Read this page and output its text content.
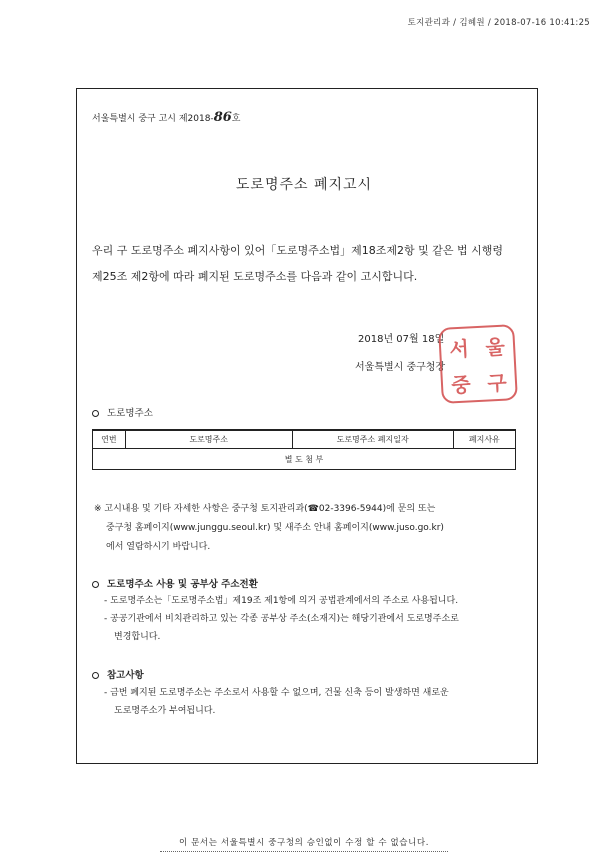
토지관리과 / 김혜원 / 2018-07-16 10:41:25
서울특별시 중구 고시 제2018-86호
도로명주소 폐지고시
우리 구 도로명주소 폐지사항이 있어「도로명주소법」제18조제2항 및 같은 법 시행령
제25조 제2항에 따라 폐지된 도로명주소를 다음과 같이 고시합니다.
2018년 07월 18일
서울특별시 중구청장
서 울
중 구
도로명주소
연번	도로명주소	도로명주소 폐지일자	폐지사유
별 도 첨 부
※ 고시내용 및 기타 자세한 사항은 중구청 토지관리과(☎02-3396-5944)에 문의 또는
중구청 홈페이지(www.junggu.seoul.kr) 및 새주소 안내 홈페이지(www.juso.go.kr)
에서 열람하시기 바랍니다.
도로명주소 사용 및 공부상 주소전환
- 도로명주소는「도로명주소법」제19조 제1항에 의거 공법관계에서의 주소로 사용됩니다.
- 공공기관에서 비치관리하고 있는 각종 공부상 주소(소재지)는 해당기관에서 도로명주소로
변경합니다.
참고사항
- 금번 폐지된 도로명주소는 주소로서 사용할 수 없으며, 건물 신축 등이 발생하면 새로운
도로명주소가 부여됩니다.
이 문서는 서울특별시 중구청의 승인없이 수정 할 수 없습니다.
